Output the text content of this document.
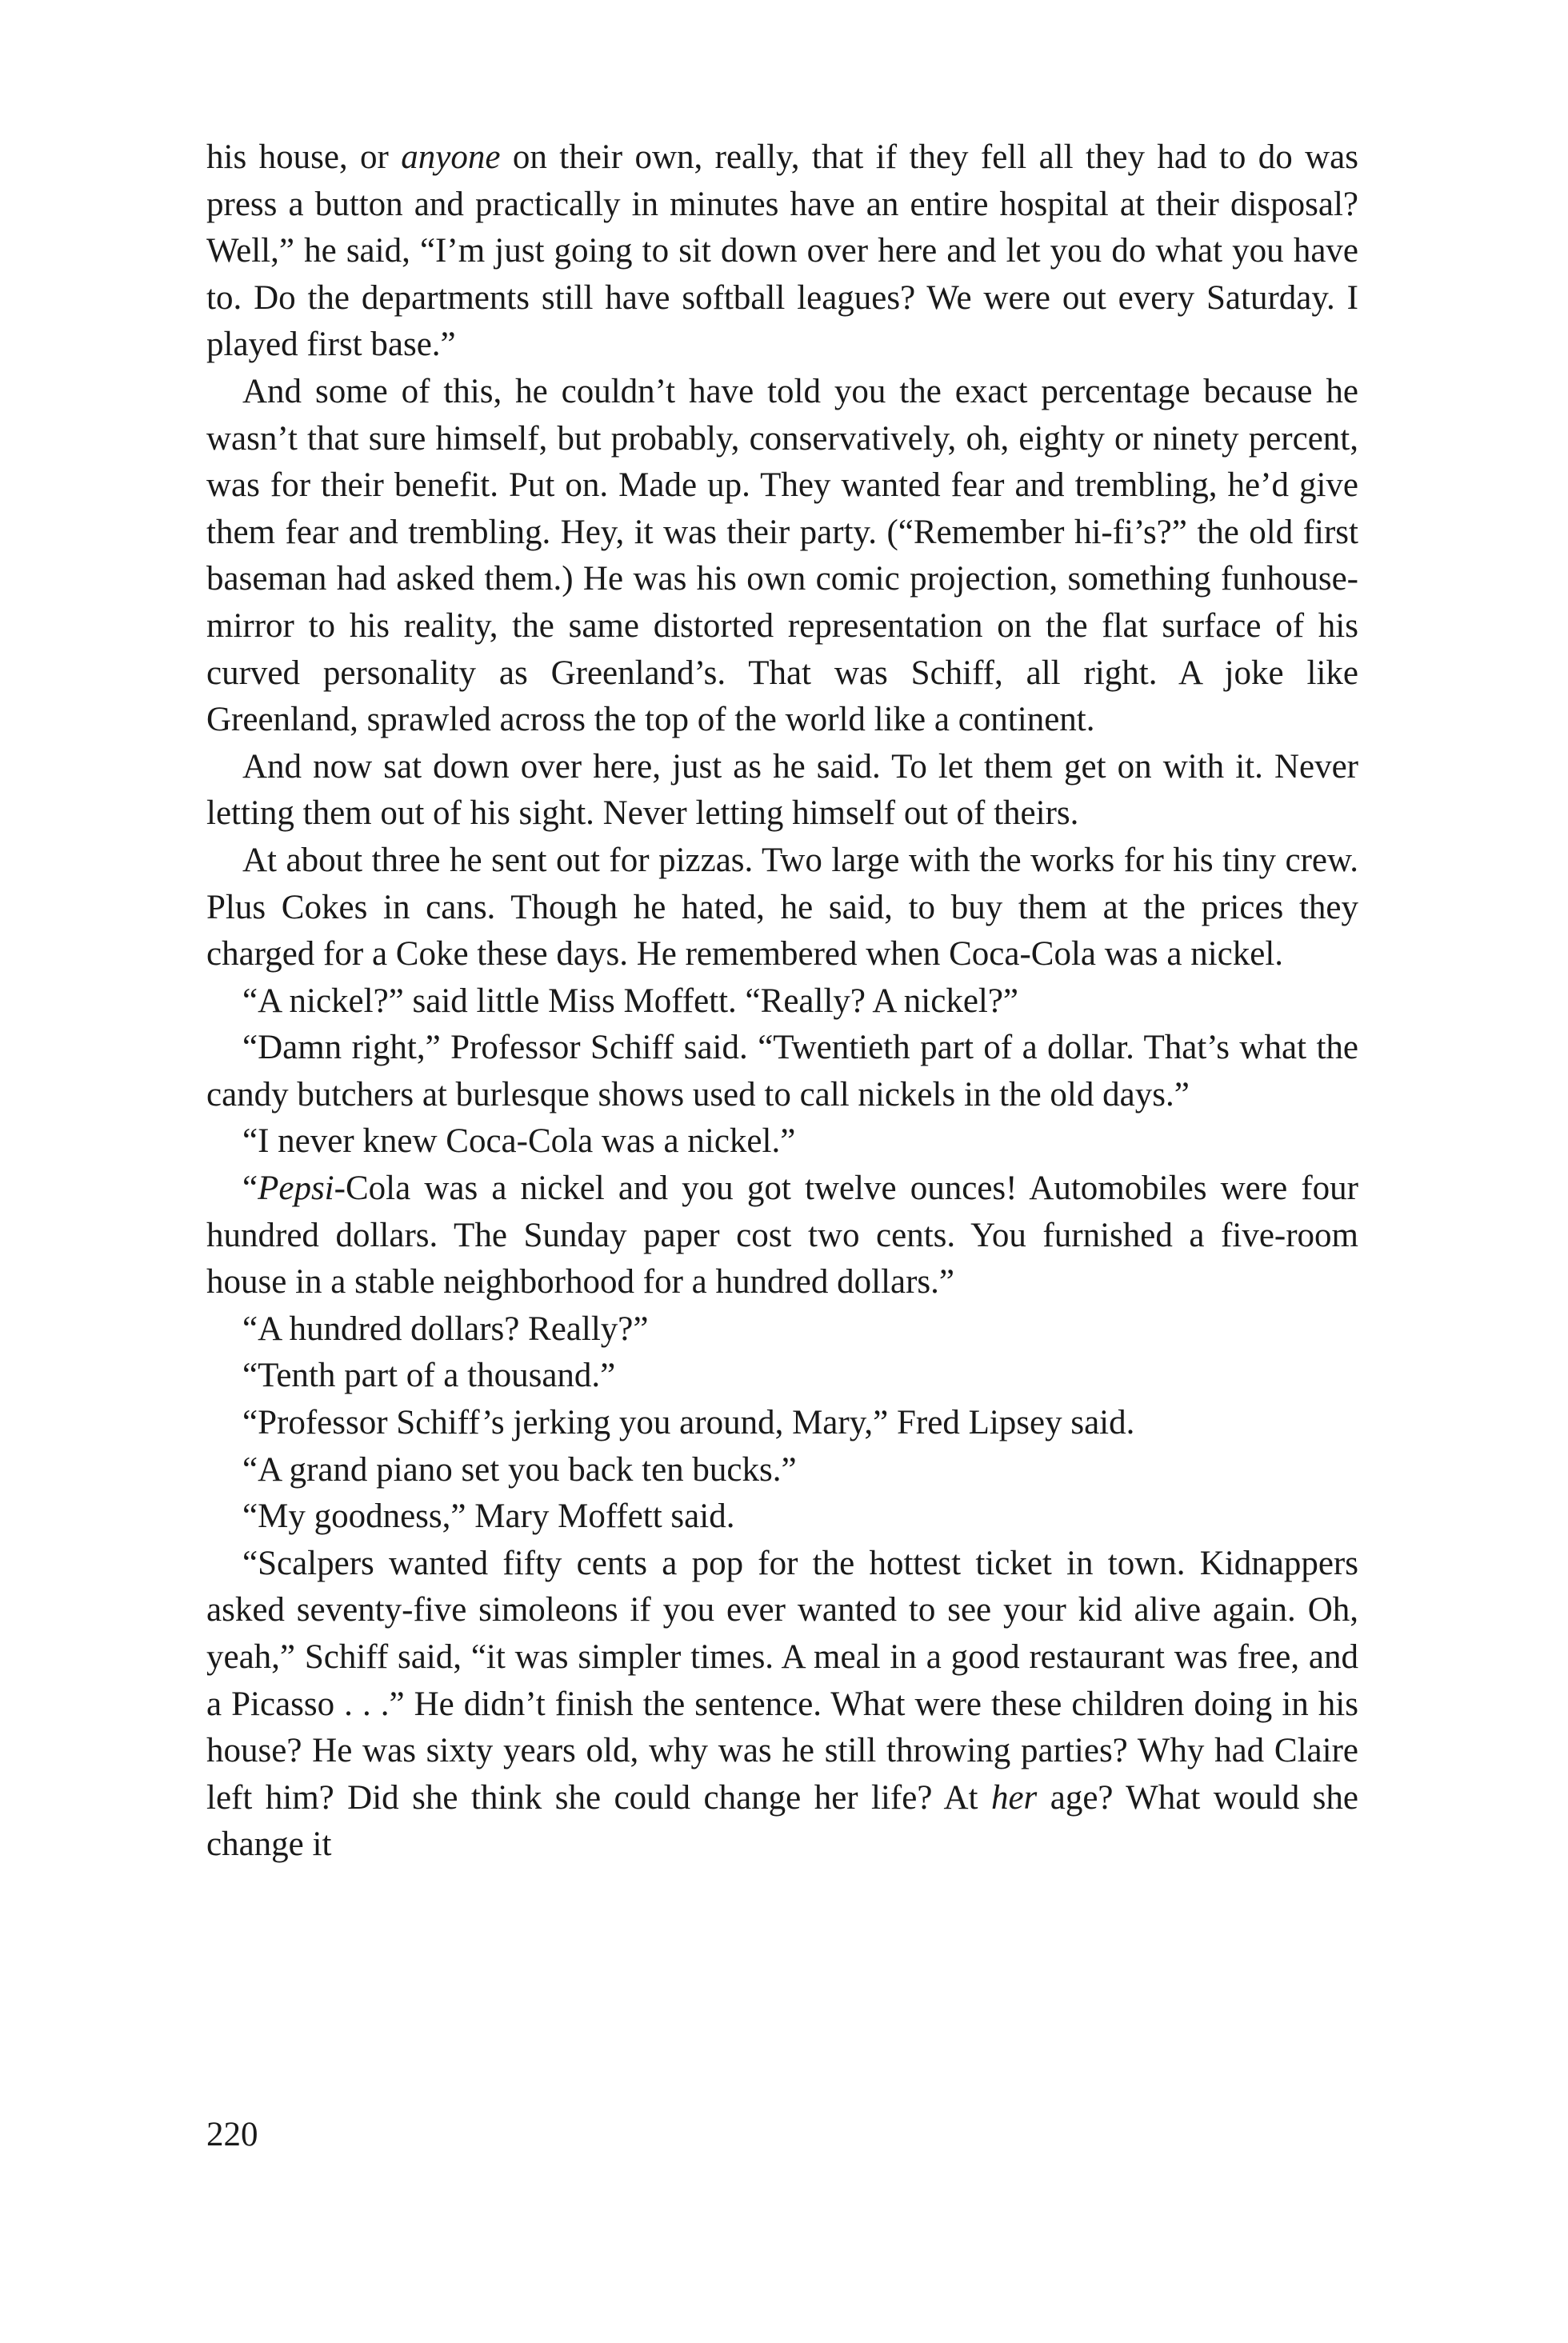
his house, or anyone on their own, really, that if they fell all they had to do was press a button and practically in minutes have an entire hospital at their disposal? Well,” he said, “I’m just going to sit down over here and let you do what you have to. Do the departments still have softball leagues? We were out every Saturday. I played first base.”

And some of this, he couldn’t have told you the exact percentage because he wasn’t that sure himself, but probably, conservatively, oh, eighty or ninety percent, was for their benefit. Put on. Made up. They wanted fear and trembling, he’d give them fear and trembling. Hey, it was their party. (“Remember hi-fi’s?” the old first baseman had asked them.) He was his own comic projection, something funhouse-mirror to his reality, the same distorted representation on the flat surface of his curved personality as Greenland’s. That was Schiff, all right. A joke like Greenland, sprawled across the top of the world like a continent.

And now sat down over here, just as he said. To let them get on with it. Never letting them out of his sight. Never letting himself out of theirs.

At about three he sent out for pizzas. Two large with the works for his tiny crew. Plus Cokes in cans. Though he hated, he said, to buy them at the prices they charged for a Coke these days. He remembered when Coca-Cola was a nickel.

“A nickel?” said little Miss Moffett. “Really? A nickel?”

“Damn right,” Professor Schiff said. “Twentieth part of a dollar. That’s what the candy butchers at burlesque shows used to call nickels in the old days.”

“I never knew Coca-Cola was a nickel.”

“Pepsi-Cola was a nickel and you got twelve ounces! Automobiles were four hundred dollars. The Sunday paper cost two cents. You furnished a five-room house in a stable neighborhood for a hundred dollars.”

“A hundred dollars? Really?”

“Tenth part of a thousand.”

“Professor Schiff’s jerking you around, Mary,” Fred Lipsey said.

“A grand piano set you back ten bucks.”

“My goodness,” Mary Moffett said.

“Scalpers wanted fifty cents a pop for the hottest ticket in town. Kidnappers asked seventy-five simoleons if you ever wanted to see your kid alive again. Oh, yeah,” Schiff said, “it was simpler times. A meal in a good restaurant was free, and a Picasso . . .” He didn’t finish the sentence. What were these children doing in his house? He was sixty years old, why was he still throwing parties? Why had Claire left him? Did she think she could change her life? At her age? What would she change it

220
